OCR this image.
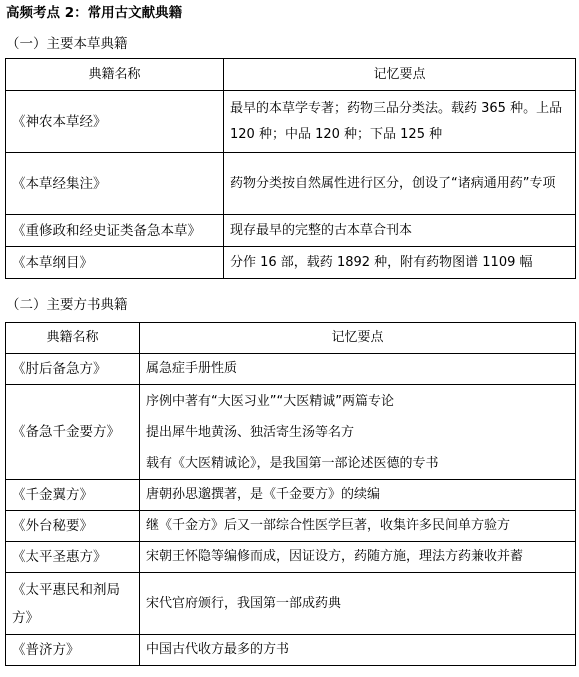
高频考点 2：常用古文献典籍
（一）主要本草典籍
典籍名称	记忆要点
《神农本草经》	最早的本草学专著；药物三品分类法。载药 365 种。上品 120 种；中品 120 种；下品 125 种

《本草经集注》	药物分类按自然属性进行区分，创设了“诸病通用药”专项

《重修政和经史证类备急本草》	现存最早的完整的古本草合刊本

《本草纲目》	分作 16 部，载药 1892 种，附有药物图谱 1109 幅
（二）主要方书典籍
典籍名称	记忆要点
《肘后备急方》	属急症手册性质

《备急千金要方》	序例中著有“大医习业”“大医精诚”两篇专论
提出犀牛地黄汤、独活寄生汤等名方
载有《大医精诚论》，是我国第一部论述医德的专书

《千金翼方》	唐朝孙思邈撰著，是《千金要方》的续编

《外台秘要》	继《千金方》后又一部综合性医学巨著，收集许多民间单方验方

《太平圣惠方》	宋朝王怀隐等编修而成，因证设方，药随方施，理法方药兼收并蓄

《太平惠民和剂局方》	宋代官府颁行，我国第一部成药典

《普济方》	中国古代收方最多的方书
